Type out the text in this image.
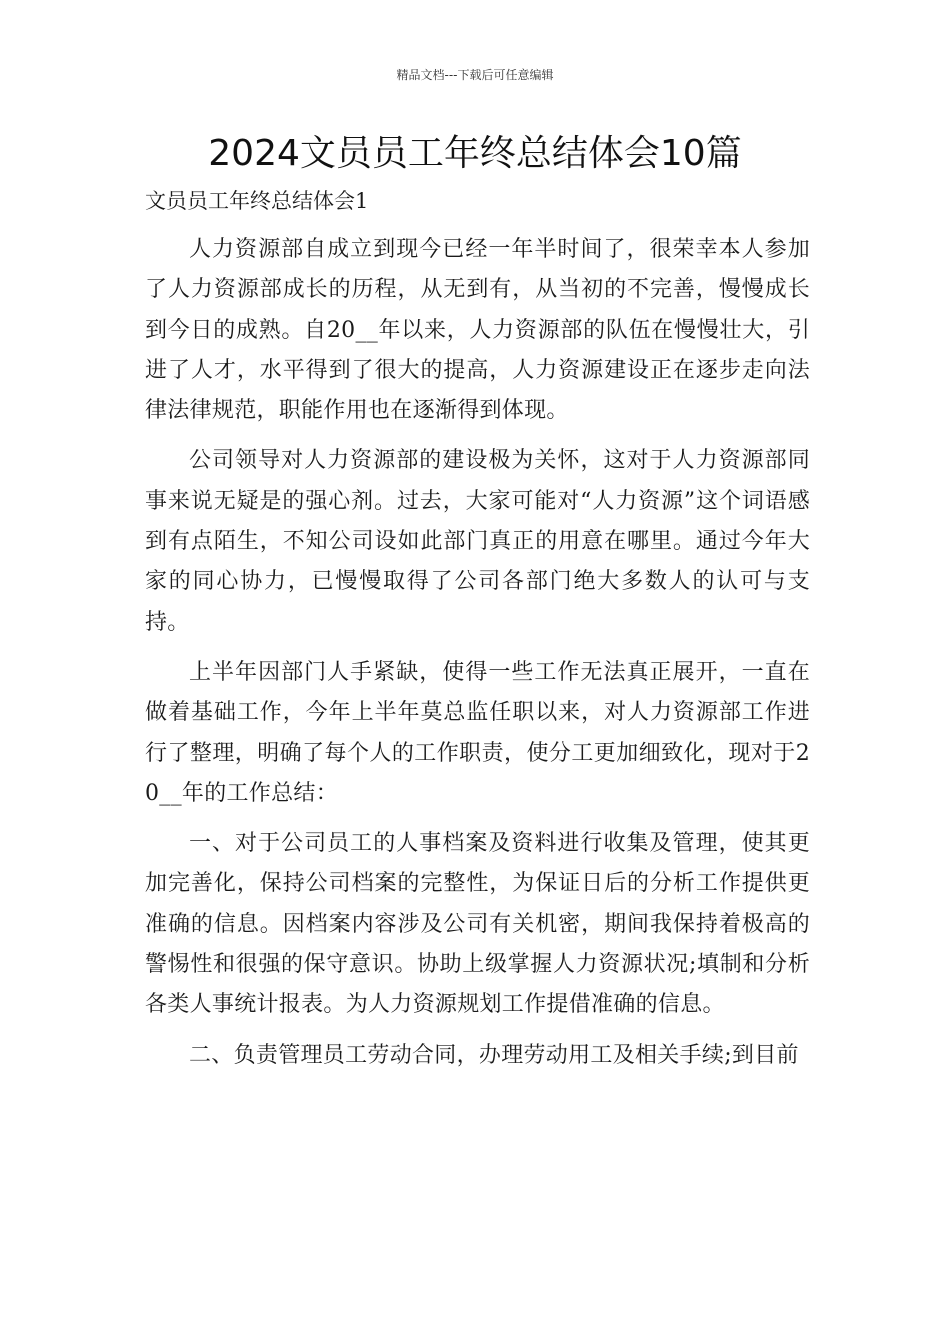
精品文档---下载后可任意编辑
2024文员员工年终总结体会10篇
文员员工年终总结体会1

人力资源部自成立到现今已经一年半时间了，很荣幸本人参加了人力资源部成长的历程，从无到有，从当初的不完善，慢慢成长到今日的成熟。自20__年以来，人力资源部的队伍在慢慢壮大，引进了人才，水平得到了很大的提高，人力资源建设正在逐步走向法律法律规范，职能作用也在逐渐得到体现。

公司领导对人力资源部的建设极为关怀，这对于人力资源部同事来说无疑是的强心剂。过去，大家可能对“人力资源”这个词语感到有点陌生，不知公司设如此部门真正的用意在哪里。通过今年大家的同心协力，已慢慢取得了公司各部门绝大多数人的认可与支持。

上半年因部门人手紧缺，使得一些工作无法真正展开，一直在做着基础工作，今年上半年莫总监任职以来，对人力资源部工作进行了整理，明确了每个人的工作职责，使分工更加细致化，现对于20__年的工作总结：

一、对于公司员工的人事档案及资料进行收集及管理，使其更加完善化，保持公司档案的完整性，为保证日后的分析工作提供更准确的信息。因档案内容涉及公司有关机密，期间我保持着极高的警惕性和很强的保守意识。协助上级掌握人力资源状况;填制和分析各类人事统计报表。为人力资源规划工作提借准确的信息。

二、负责管理员工劳动合同，办理劳动用工及相关手续;到目前
